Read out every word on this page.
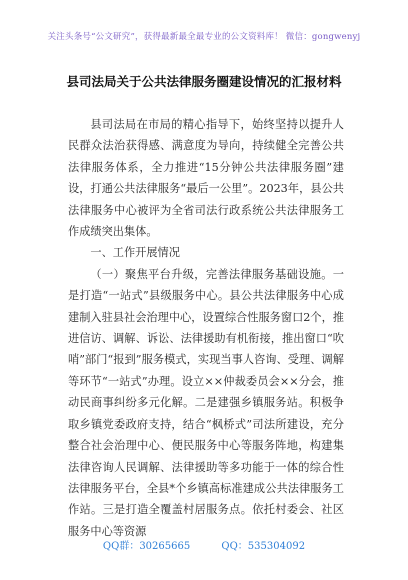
关注头条号“公文研究”，获得最新最全最专业的公文资料库！ 微信：gongwenyj
县司法局关于公共法律服务圈建设情况的汇报材料

县司法局在市局的精心指导下，始终坚持以提升人民群众法治获得感、满意度为导向，持续健全完善公共法律服务体系，全力推进“15分钟公共法律服务圈”建设，打通公共法律服务“最后一公里”。2023年，县公共法律服务中心被评为全省司法行政系统公共法律服务工作成绩突出集体。

一、工作开展情况

（一）聚焦平台升级，完善法律服务基础设施。一是打造“一站式”县级服务中心。县公共法律服务中心成建制入驻县社会治理中心，设置综合性服务窗口2个，推进信访、调解、诉讼、法律援助有机衔接，推出窗口“吹哨”部门“报到”服务模式，实现当事人咨询、受理、调解等环节“一站式”办理。设立××仲裁委员会××分会，推动民商事纠纷多元化解。二是建强乡镇服务站。积极争取乡镇党委政府支持，结合“枫桥式”司法所建设，充分整合社会治理中心、便民服务中心等服务阵地，构建集法律咨询人民调解、法律援助等多功能于一体的综合性法律服务平台，全县*个乡镇高标准建成公共法律服务工作站。三是打造全覆盖村居服务点。依托村委会、社区服务中心等资源

QQ群：30265665	QQ：535304092
